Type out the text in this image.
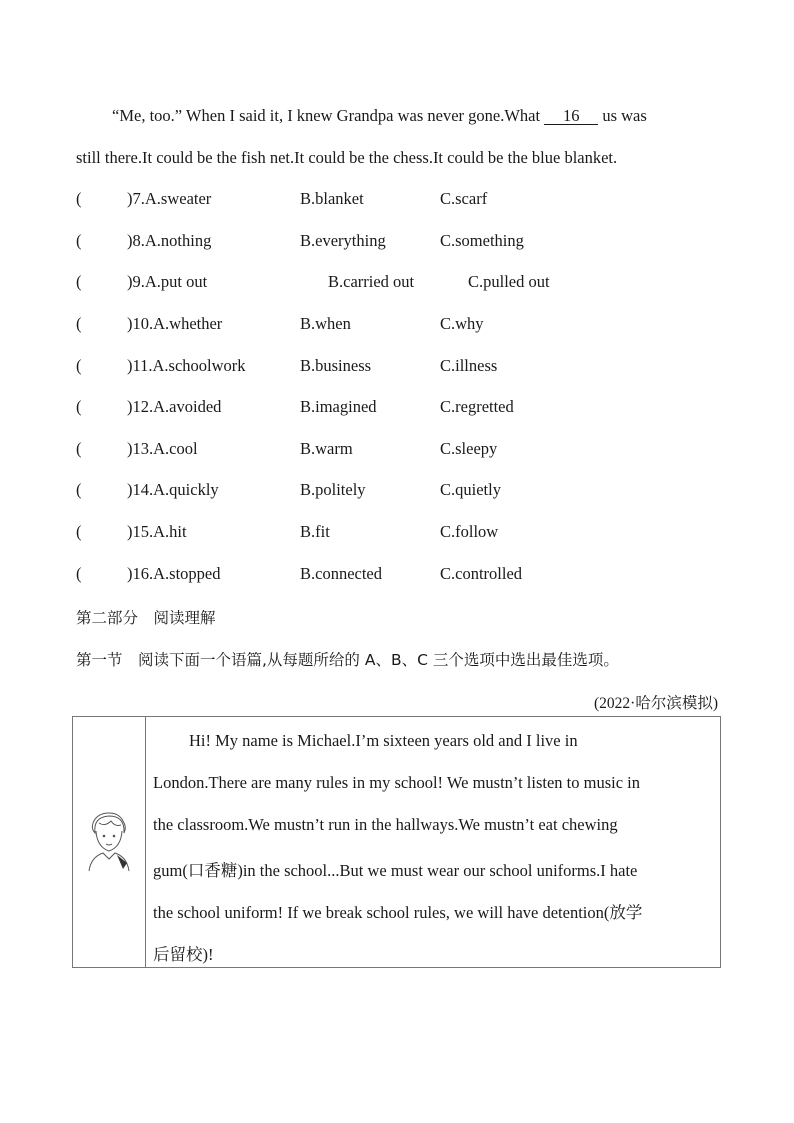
“Me, too.” When I said it, I knew Grandpa was never gone.What 16 us was
still there.It could be the fish net.It could be the chess.It could be the blue blanket.
(	)7.A.sweater	B.blanket	C.scarf
(	)8.A.nothing	B.everything	C.something
(	)9.A.put out	B.carried out	C.pulled out
(	)10.A.whether	B.when	C.why
(	)11.A.schoolwork	B.business	C.illness
(	)12.A.avoided	B.imagined	C.regretted
(	)13.A.cool	B.warm	C.sleepy
(	)14.A.quickly	B.politely	C.quietly
(	)15.A.hit	B.fit	C.follow
(	)16.A.stopped	B.connected	C.controlled
第二部分　阅读理解
第一节　阅读下面一个语篇,从每题所给的 A、B、C 三个选项中选出最佳选项。
(2022·哈尔滨模拟)
Hi! My name is Michael.I’m sixteen years old and I live in
London.There are many rules in my school! We mustn’t listen to music in
the classroom.We mustn’t run in the hallways.We mustn’t eat chewing
gum(口香糖)in the school...But we must wear our school uniforms.I hate
the school uniform! If we break school rules, we will have detention(放学
后留校)!
